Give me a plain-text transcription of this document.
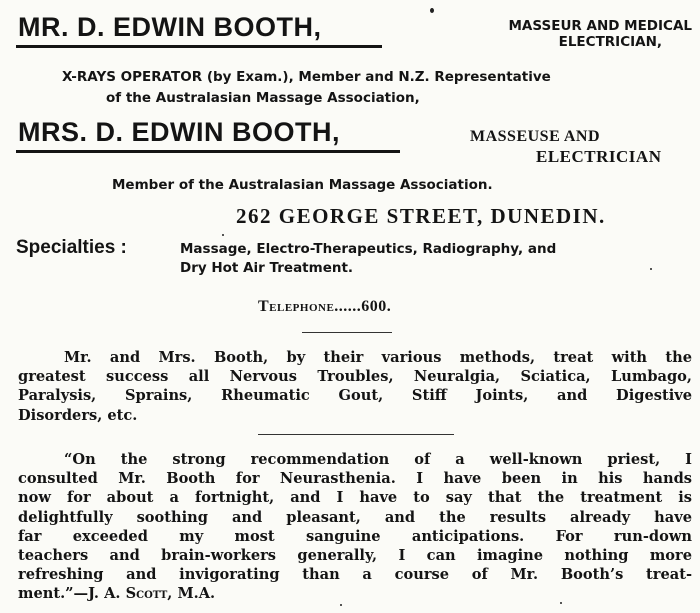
MR. D. EDWIN BOOTH,	MASSEUR AND MEDICAL
ELECTRICIAN,
X-RAYS OPERATOR (by Exam.), Member and N.Z. Representative
of the Australasian Massage Association,
MRS. D. EDWIN BOOTH,	MASSEUSE AND
ELECTRICIAN
Member of the Australasian Massage Association.
262 GEORGE STREET, DUNEDIN.
Specialties :	Massage, Electro-Therapeutics, Radiography, and
Dry Hot Air Treatment.
Telephone......600.
Mr. and Mrs. Booth, by their various methods, treat with the
greatest success all Nervous Troubles, Neuralgia, Sciatica, Lumbago,
Paralysis, Sprains, Rheumatic Gout, Stiff Joints, and Digestive
Disorders, etc.
“On the strong recommendation of a well-known priest, I
consulted Mr. Booth for Neurasthenia. I have been in his hands
now for about a fortnight, and I have to say that the treatment is
delightfully soothing and pleasant, and the results already have
far exceeded my most sanguine anticipations. For run-down
teachers and brain-workers generally, I can imagine nothing more
refreshing and invigorating than a course of Mr. Booth’s treat-
ment.”—J. A. Scott, M.A.
